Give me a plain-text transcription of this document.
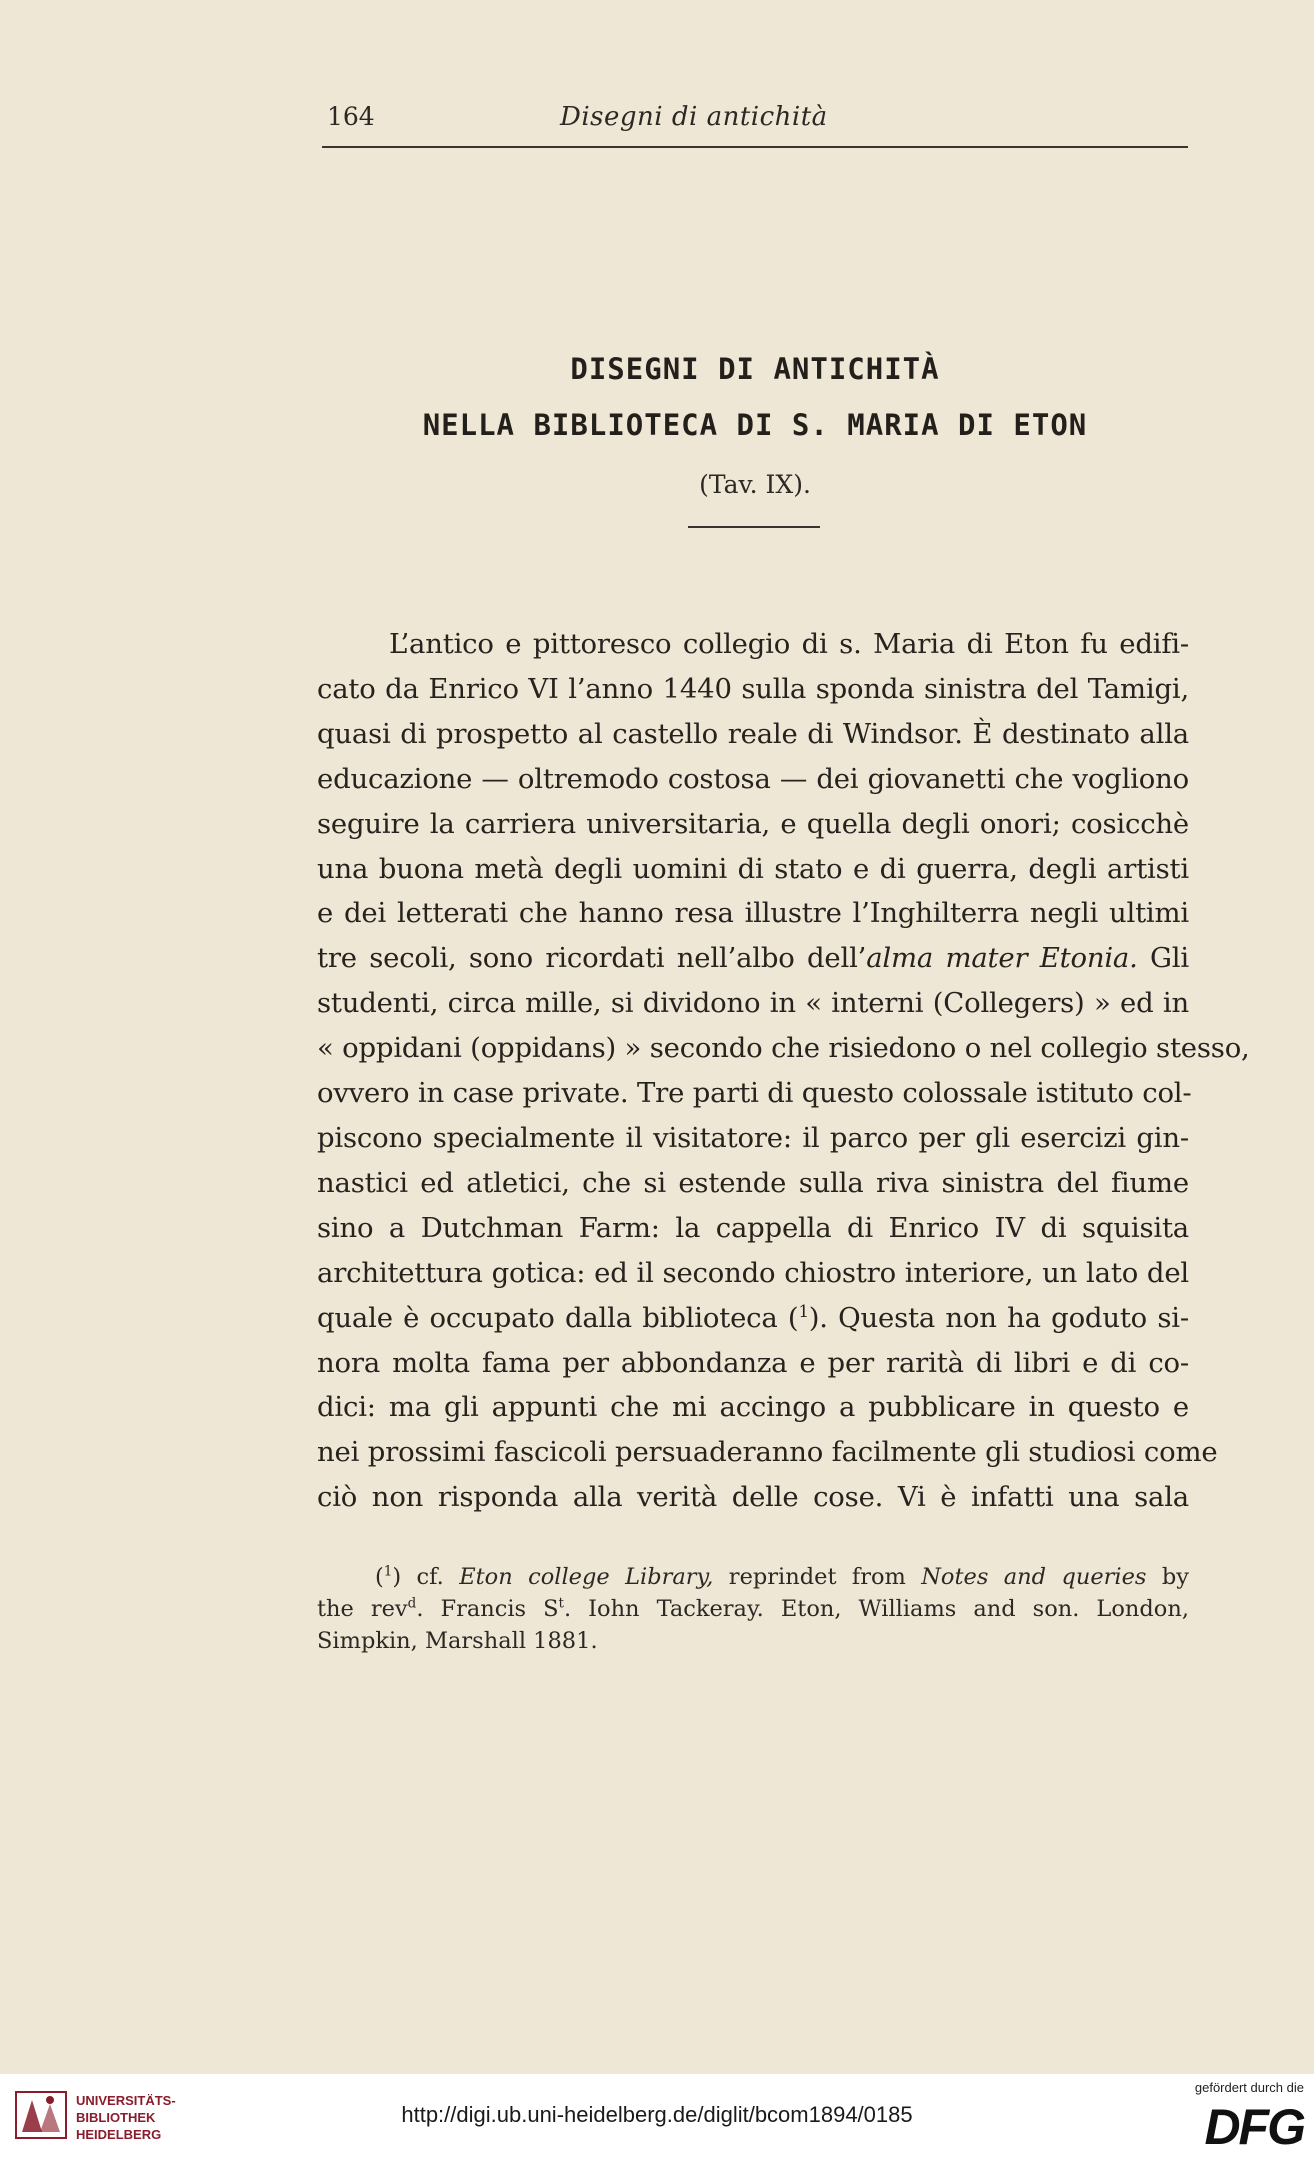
164	Disegni di antichità
DISEGNI DI ANTICHITÀ
NELLA BIBLIOTECA DI S. MARIA DI ETON
(Tav. IX).
L’antico e pittoresco collegio di s. Maria di Eton fu edifi-
cato da Enrico VI l’anno 1440 sulla sponda sinistra del Tamigi,
quasi di prospetto al castello reale di Windsor. È destinato alla
educazione — oltremodo costosa — dei giovanetti che vogliono
seguire la carriera universitaria, e quella degli onori; cosicchè
una buona metà degli uomini di stato e di guerra, degli artisti
e dei letterati che hanno resa illustre l’Inghilterra negli ultimi
tre secoli, sono ricordati nell’albo dell’alma mater Etonia. Gli
studenti, circa mille, si dividono in « interni (Collegers) » ed in
« oppidani (oppidans) » secondo che risiedono o nel collegio stesso,
ovvero in case private. Tre parti di questo colossale istituto col-
piscono specialmente il visitatore: il parco per gli esercizi gin-
nastici ed atletici, che si estende sulla riva sinistra del fiume
sino a Dutchman Farm: la cappella di Enrico IV di squisita
architettura gotica: ed il secondo chiostro interiore, un lato del
quale è occupato dalla biblioteca ($^1$). Questa non ha goduto si-
nora molta fama per abbondanza e per rarità di libri e di co-
dici: ma gli appunti che mi accingo a pubblicare in questo e
nei prossimi fascicoli persuaderanno facilmente gli studiosi come
ciò non risponda alla verità delle cose. Vi è infatti una sala
($^1$) cf. Eton college Library, reprindet from Notes and queries by
the rev$^d$. Francis $S^t$. Iohn Tackeray. Eton, Williams and son. London,
Simpkin, Marshall 1881.
UNIVERSITÄTS-
BIBLIOTHEK
HEIDELBERG
http://digi.ub.uni-heidelberg.de/diglit/bcom1894/0185
gefördert durch die
DFG
